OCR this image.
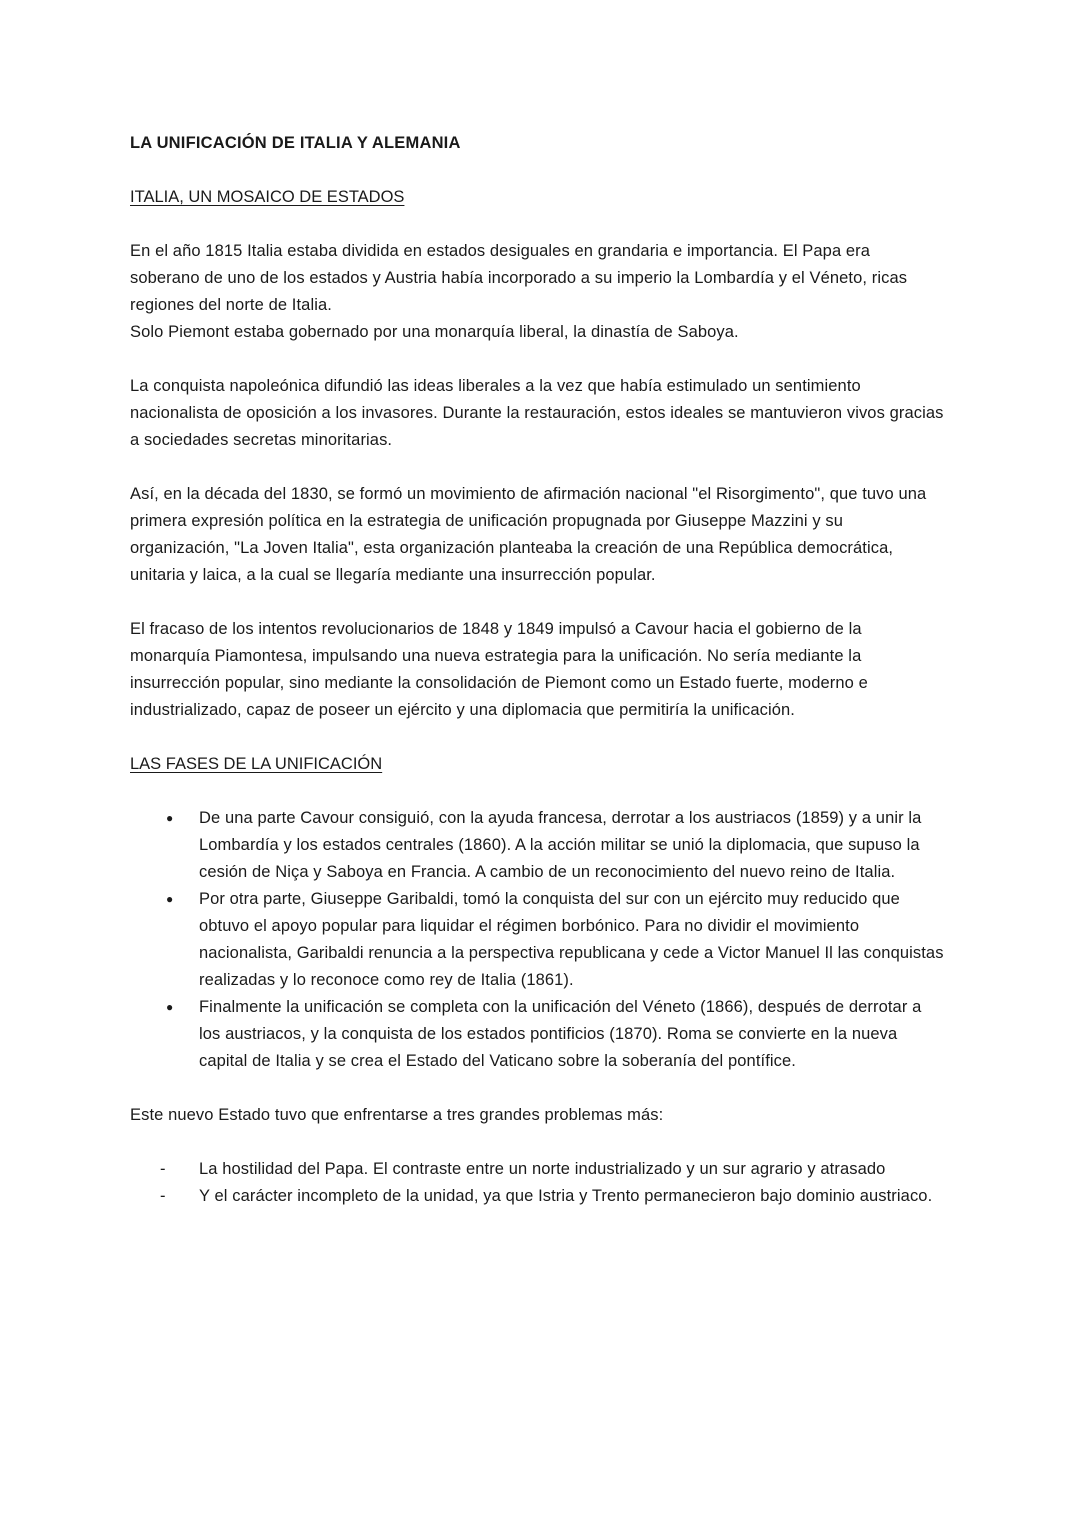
LA UNIFICACIÓN DE ITALIA Y ALEMANIA
ITALIA, UN MOSAICO DE ESTADOS
En el año 1815 Italia estaba dividida en estados desiguales en grandaria e importancia. El Papa era soberano de uno de los estados y Austria había incorporado a su imperio la Lombardía y el Véneto, ricas regiones del norte de Italia.
Solo Piemont estaba gobernado por una monarquía liberal, la dinastía de Saboya.

La conquista napoleónica difundió las ideas liberales a la vez que había estimulado un sentimiento nacionalista de oposición a los invasores. Durante la restauración, estos ideales se mantuvieron vivos gracias a sociedades secretas minoritarias.

Así, en la década del 1830, se formó un movimiento de afirmación nacional "el Risorgimento", que tuvo una primera expresión política en la estrategia de unificación propugnada por Giuseppe Mazzini y su organización, "La Joven Italia", esta organización planteaba la creación de una República democrática, unitaria y laica, a la cual se llegaría mediante una insurrección popular.

El fracaso de los intentos revolucionarios de 1848 y 1849 impulsó a Cavour hacia el gobierno de la monarquía Piamontesa, impulsando una nueva estrategia para la unificación. No sería mediante la insurrección popular, sino mediante la consolidación de Piemont como un Estado fuerte, moderno e industrializado, capaz de poseer un ejército y una diplomacia que permitiría la unificación.

LAS FASES DE LA UNIFICACIÓN
●	De una parte Cavour consiguió, con la ayuda francesa, derrotar a los austriacos (1859) y a unir la Lombardía y los estados centrales (1860). A la acción militar se unió la diplomacia, que supuso la cesión de Niça y Saboya en Francia. A cambio de un reconocimiento del nuevo reino de Italia.
●	Por otra parte, Giuseppe Garibaldi, tomó la conquista del sur con un ejército muy reducido que obtuvo el apoyo popular para liquidar el régimen borbónico. Para no dividir el movimiento nacionalista, Garibaldi renuncia a la perspectiva republicana y cede a Victor Manuel Il las conquistas realizadas y lo reconoce como rey de Italia (1861).
●	Finalmente la unificación se completa con la unificación del Véneto (1866), después de derrotar a los austriacos, y la conquista de los estados pontificios (1870). Roma se convierte en la nueva capital de Italia y se crea el Estado del Vaticano sobre la soberanía del pontífice.

Este nuevo Estado tuvo que enfrentarse a tres grandes problemas más:

-	La hostilidad del Papa. El contraste entre un norte industrializado y un sur agrario y atrasado
-	Y el carácter incompleto de la unidad, ya que Istria y Trento permanecieron bajo dominio austriaco.
